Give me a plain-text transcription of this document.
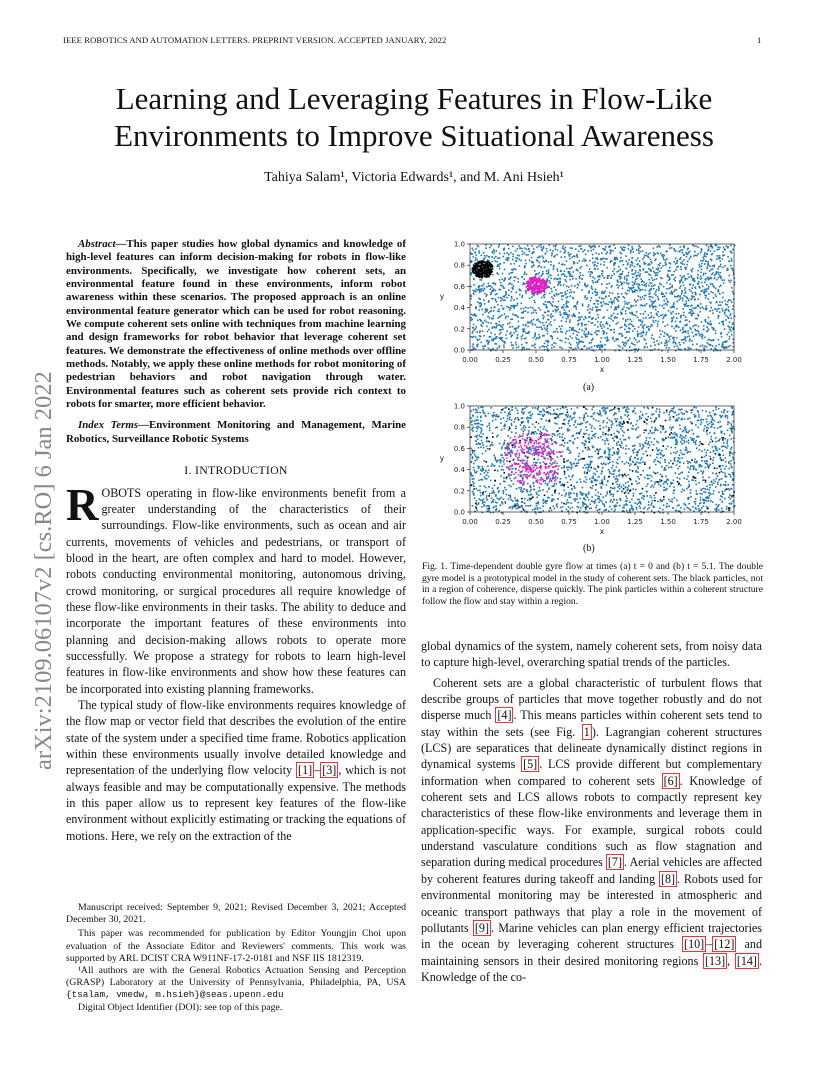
IEEE ROBOTICS AND AUTOMATION LETTERS. PREPRINT VERSION. ACCEPTED JANUARY, 2022	1
Learning and Leveraging Features in Flow-Like
Environments to Improve Situational Awareness
Tahiya Salam¹, Victoria Edwards¹, and M. Ani Hsieh¹
arXiv:2109.06107v2 [cs.RO] 6 Jan 2022

Abstract—This paper studies how global dynamics and knowledge of high-level features can inform decision-making for robots in flow-like environments. Specifically, we investigate how coherent sets, an environmental feature found in these environments, inform robot awareness within these scenarios. The proposed approach is an online environmental feature generator which can be used for robot reasoning. We compute coherent sets online with techniques from machine learning and design frameworks for robot behavior that leverage coherent set features. We demonstrate the effectiveness of online methods over offline methods. Notably, we apply these online methods for robot monitoring of pedestrian behaviors and robot navigation through water. Environmental features such as coherent sets provide rich context to robots for smarter, more efficient behavior.

Index Terms—Environment Monitoring and Management, Marine Robotics, Surveillance Robotic Systems

I. INTRODUCTION

ROBOTS operating in flow-like environments benefit from a greater understanding of the characteristics of their surroundings. Flow-like environments, such as ocean and air currents, movements of vehicles and pedestrians, or transport of blood in the heart, are often complex and hard to model. However, robots conducting environmental monitoring, autonomous driving, crowd monitoring, or surgical procedures all require knowledge of these flow-like environments in their tasks. The ability to deduce and incorporate the important features of these environments into planning and decision-making allows robots to operate more successfully. We propose a strategy for robots to learn high-level features in flow-like environments and show how these features can be incorporated into existing planning frameworks.

The typical study of flow-like environments requires knowledge of the flow map or vector field that describes the evolution of the entire state of the system under a specified time frame. Robotics application within these environments usually involve detailed knowledge and representation of the underlying flow velocity [1] – [3] , which is not always feasible and may be computationally expensive. The methods in this paper allow us to represent key features of the flow-like environment without explicitly estimating or tracking the equations of motions. Here, we rely on the extraction of the

Manuscript received: September 9, 2021; Revised December 3, 2021; Accepted December 30, 2021.

This paper was recommended for publication by Editor Youngjin Choi upon evaluation of the Associate Editor and Reviewers' comments. This work was supported by ARL DCIST CRA W911NF-17-2-0181 and NSF IIS 1812319.

¹All authors are with the General Robotics Actuation Sensing and Perception (GRASP) Laboratory at the University of Pennsylvania, Philadelphia, PA, USA {tsalam, vmedw, m.hsieh}@seas.upenn.edu

Digital Object Identifier (DOI): see top of this page.

0.00 0.25 0.50 0.75 1.00 1.25 1.50 1.75 2.00
0.0
0.2
0.4
0.6
0.8
1.0
x
y
0.00 0.25 0.50 0.75 1.00 1.25 1.50 1.75 2.00
0.0
0.2
0.4
0.6
0.8
1.0
x
y
(a)
(b)
Fig. 1. Time-dependent double gyre flow at times (a) t = 0 and (b) t = 5.1. The double gyre model is a prototypical model in the study of coherent sets. The black particles, not in a region of coherence, disperse quickly. The pink particles within a coherent structure follow the flow and stay within a region.

global dynamics of the system, namely coherent sets, from noisy data to capture high-level, overarching spatial trends of the particles.

Coherent sets are a global characteristic of turbulent flows that describe groups of particles that move together robustly and do not disperse much [4] . This means particles within coherent sets tend to stay within the sets (see Fig. 1 ). Lagrangian coherent structures (LCS) are separatices that delineate dynamically distinct regions in dynamical systems [5] . LCS provide different but complementary information when compared to coherent sets [6] . Knowledge of coherent sets and LCS allows robots to compactly represent key characteristics of these flow-like environments and leverage them in application-specific ways. For example, surgical robots could understand vasculature conditions such as flow stagnation and separation during medical procedures [7] . Aerial vehicles are affected by coherent features during takeoff and landing [8] . Robots used for environmental monitoring may be interested in atmospheric and oceanic transport pathways that play a role in the movement of pollutants [9] . Marine vehicles can plan energy efficient trajectories in the ocean by leveraging coherent structures [10] – [12] and maintaining sensors in their desired monitoring regions [13] , [14] . Knowledge of the co-
